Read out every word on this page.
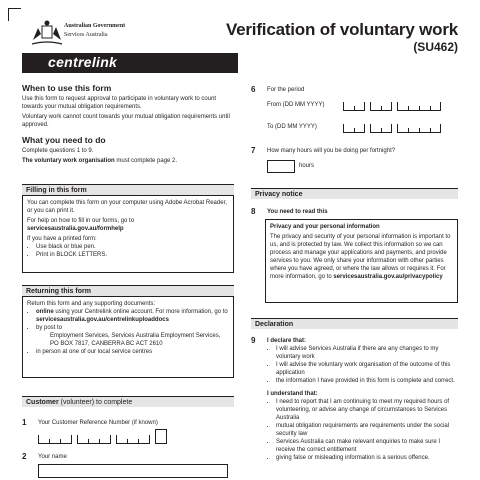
Australian Government
Services Australia
centrelink
Verification of voluntary work
(SU462)
When to use this form
Use this form to request approval to participate in voluntary work to count towards your mutual obligation requirements.
Voluntary work cannot count towards your mutual obligation requirements until approved.
What you need to do
Complete questions 1 to 9.
The voluntary work organisation must complete page 2.
Filling in this form
You can complete this form on your computer using Adobe Acrobat Reader, or you can print it.
For help on how to fill in our forms, go to
servicesaustralia.gov.au/formhelp
If you have a printed form:
• Use black or blue pen.
• Print in BLOCK LETTERS.
Returning this form
Return this form and any supporting documents:
• online using your Centrelink online account. For more information, go to
servicesaustralia.gov.au/centrelinkuploaddocs
• by post to
Employment Services, Services Australia Employment Services, PO BOX 7817, CANBERRA BC ACT 2610
• in person at one of our local service centres
Customer (volunteer) to complete
1 Your Customer Reference Number (if known)
2 Your name
6 For the period
From (DD MM YYYY)
To (DD MM YYYY)
7 How many hours will you be doing per fortnight?
hours
Privacy notice
8 You need to read this
Privacy and your personal information
The privacy and security of your personal information is important to us, and is protected by law. We collect this information so we can process and manage your applications and payments, and provide services to you. We only share your information with other parties where you have agreed, or where the law allows or requires it. For more information, go to servicesaustralia.gov.au/privacypolicy
Declaration
9 I declare that:
• I will advise Services Australia if there are any changes to my voluntary work
• I will advise the voluntary work organisation of the outcome of this application
• the information I have provided in this form is complete and correct.
I understand that:
• I need to report that I am continuing to meet my required hours of volunteering, or advise any change of circumstances to Services Australia
• mutual obligation requirements are requirements under the social security law
• Services Australia can make relevant enquiries to make sure I receive the correct entitlement
• giving false or misleading information is a serious offence.
